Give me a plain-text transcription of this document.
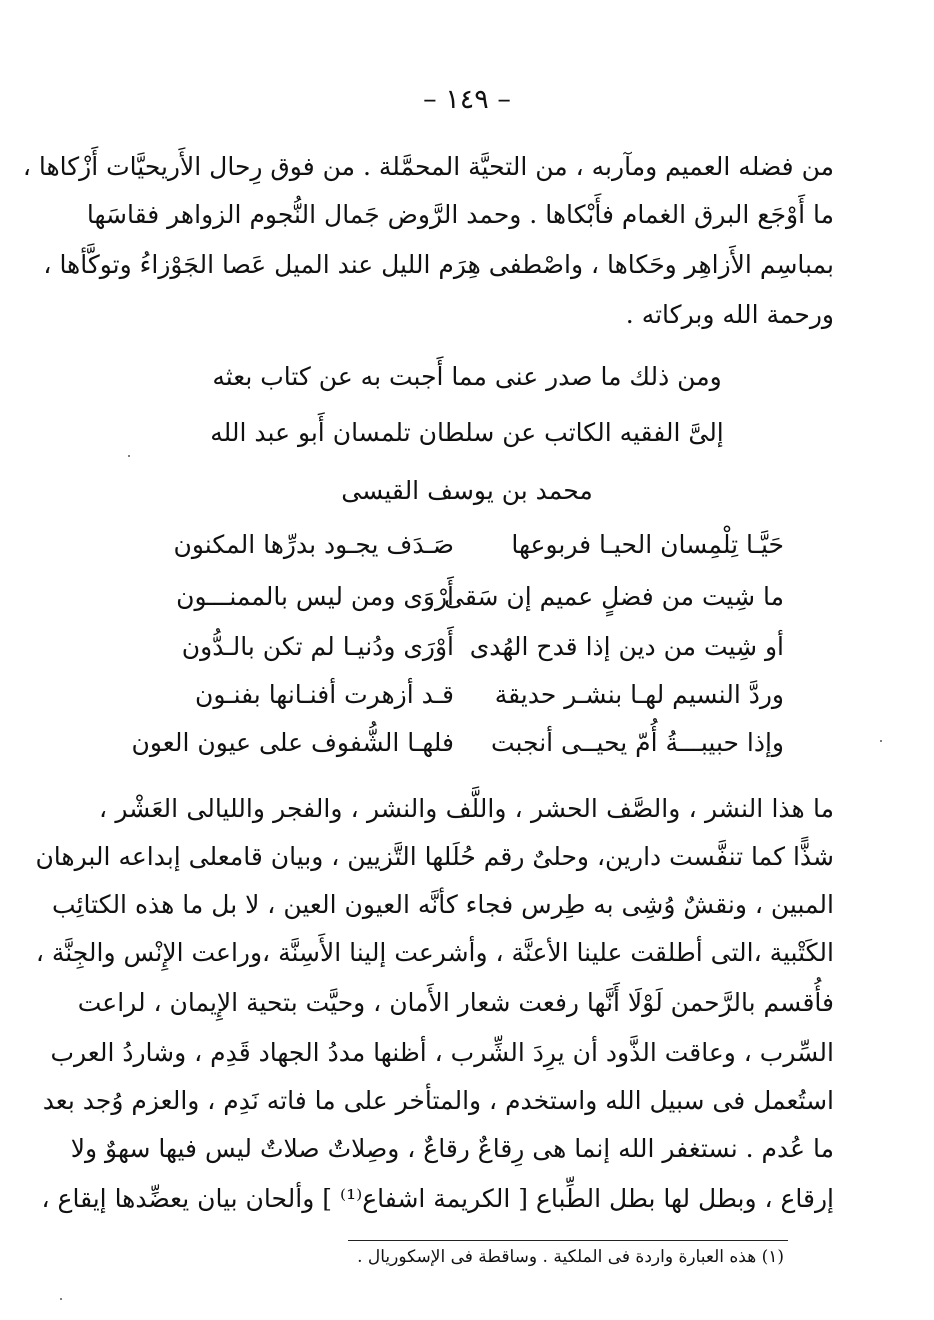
– ١٤٩ –
من فضله العميم ومآربه ، من التحيَّة المحمَّلة . من فوق رِحال الأَريحيَّات أَزْكاها ،
ما أَوْجَع البرق الغمام فأَبْكاها . وحمد الرَّوض جَمال النُّجوم الزواهر فقاسَها
بمباسِم الأَزاهِر وحَكاها ، واصْطفى هِرَم الليل عند الميل عَصا الجَوْزاءُ وتوكَّأها ،
ورحمة الله وبركاته .
ومن ذلك ما صدر عنى مما أَجبت به عن كتاب بعثه
إلىَّ الفقيه الكاتب عن سلطان تلمسان أَبو عبد الله
محمد بن يوسف القيسى
حَيَّـا تِلْمِسان الحيـا فربوعها
صَـدَف يجـود بدرِّها المكنون
ما شِيت من فضلٍ عميم إن سَقى
أَرْوَى ومن ليس بالممنـــون
أو شِيت من دين إذا قدح الهُدى
أَوْرَى ودُنيـا لم تكن بالـدُّون
وردَّ النسيم لهـا بنشـر حديقة
قـد أزهرت أفنـانها بفنـون
وإذا حبيبـــةُ أُمّ يحيــى أنجبت
فلهـا الشُّفوف على عيون العون
ما هذا النشر ، والصَّف الحشر ، واللَّف والنشر ، والفجر والليالى العَشْر ،
شذًّا كما تنفَّست دارين، وحلىٌ رقم حُلَلها التَّزيين ، وبيان قامعلى إبداعه البرهان
المبين ، ونقشٌ وُشِى به طِرس فجاء كأنَّه العيون العين ، لا بل ما هذه الكتائِب
الكَتْبية ،التى أطلقت علينا الأعنَّة ، وأشرعت إلينا الأَسِنَّة ،وراعت الإِنْس والجِنَّة ،
فأُقسم بالرَّحمن لَوْلَا أَنَّها رفعت شعار الأَمان ، وحيَّت بتحية الإِيمان ، لراعت
السِّرب ، وعاقت الذَّود أن يرِدَ الشِّرب ، أظنها مددُ الجهاد قَدِم ، وشاردُ العرب
استُعمل فى سبيل الله واستخدم ، والمتأخر على ما فاته نَدِم ، والعزم وُجد بعد
ما عُدم . نستغفر الله إنما هى رِقاعٌ رقاعٌ ، وصِلاتٌ صلاتٌ ليس فيها سهوٌ ولا
إرقاع ، وبطل لها بطل الطِّباع [ الكريمة اشفاع⁽¹⁾ ] وألحان بيان يعضِّدها إيقاع ،
(١) هذه العبارة واردة فى الملكية . وساقطة فى الإسكوريال .
